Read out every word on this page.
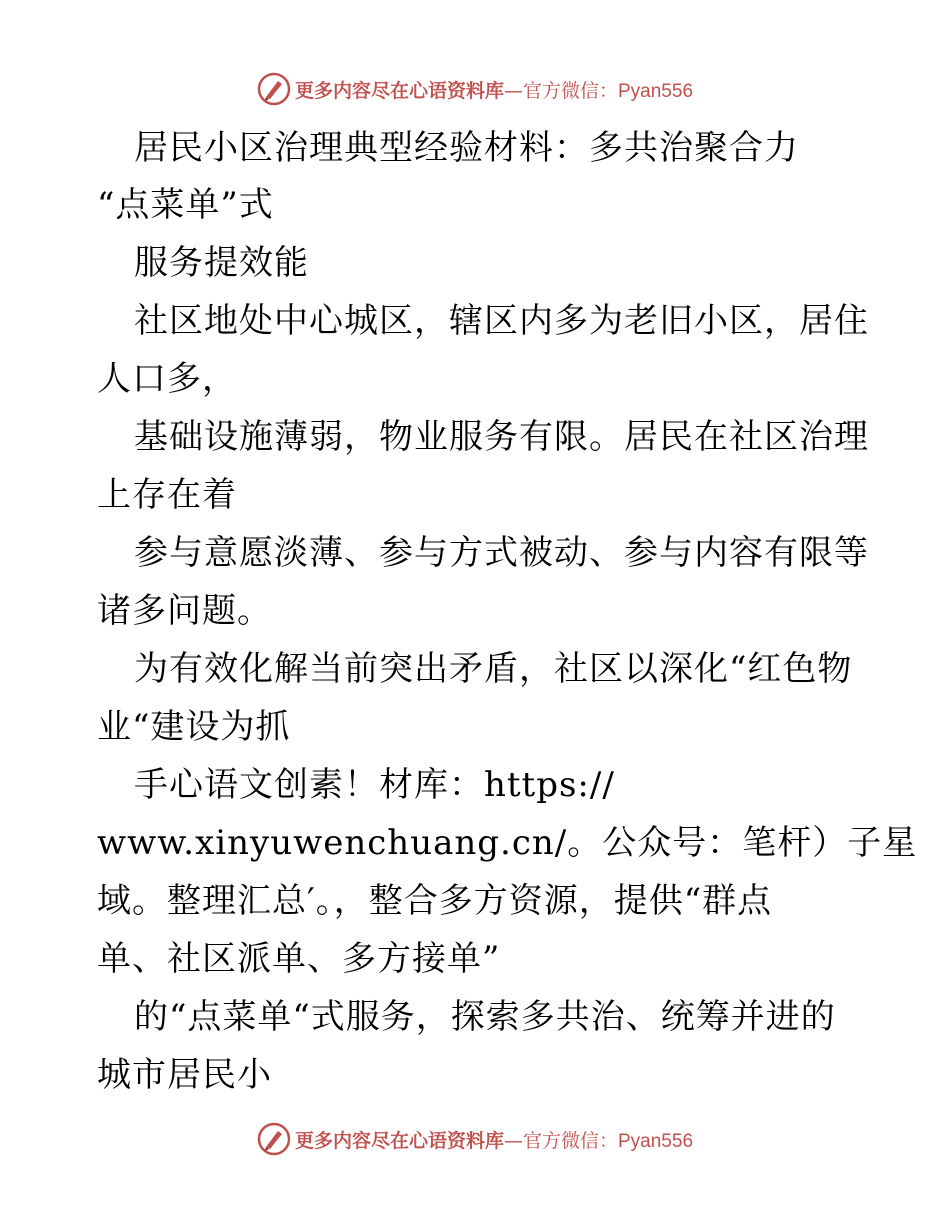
更多内容尽在心语资料库—官方微信：Pyan556
居民小区治理典型经验材料：多共治聚合力
“点菜单”式
服务提效能
社区地处中心城区，辖区内多为老旧小区，居住
人口多，
基础设施薄弱，物业服务有限。居民在社区治理
上存在着
参与意愿淡薄、参与方式被动、参与内容有限等
诸多问题。
为有效化解当前突出矛盾，社区以深化“红色物
业“建设为抓
手心语文创素！材库：https://
www.xinyuwenchuang.cn/。公众号：笔杆）子星
域。整理汇总′。，整合多方资源，提供“群点
单、社区派单、多方接单”
的“点菜单“式服务，探索多共治、统筹并进的
城市居民小
更多内容尽在心语资料库—官方微信：Pyan556
